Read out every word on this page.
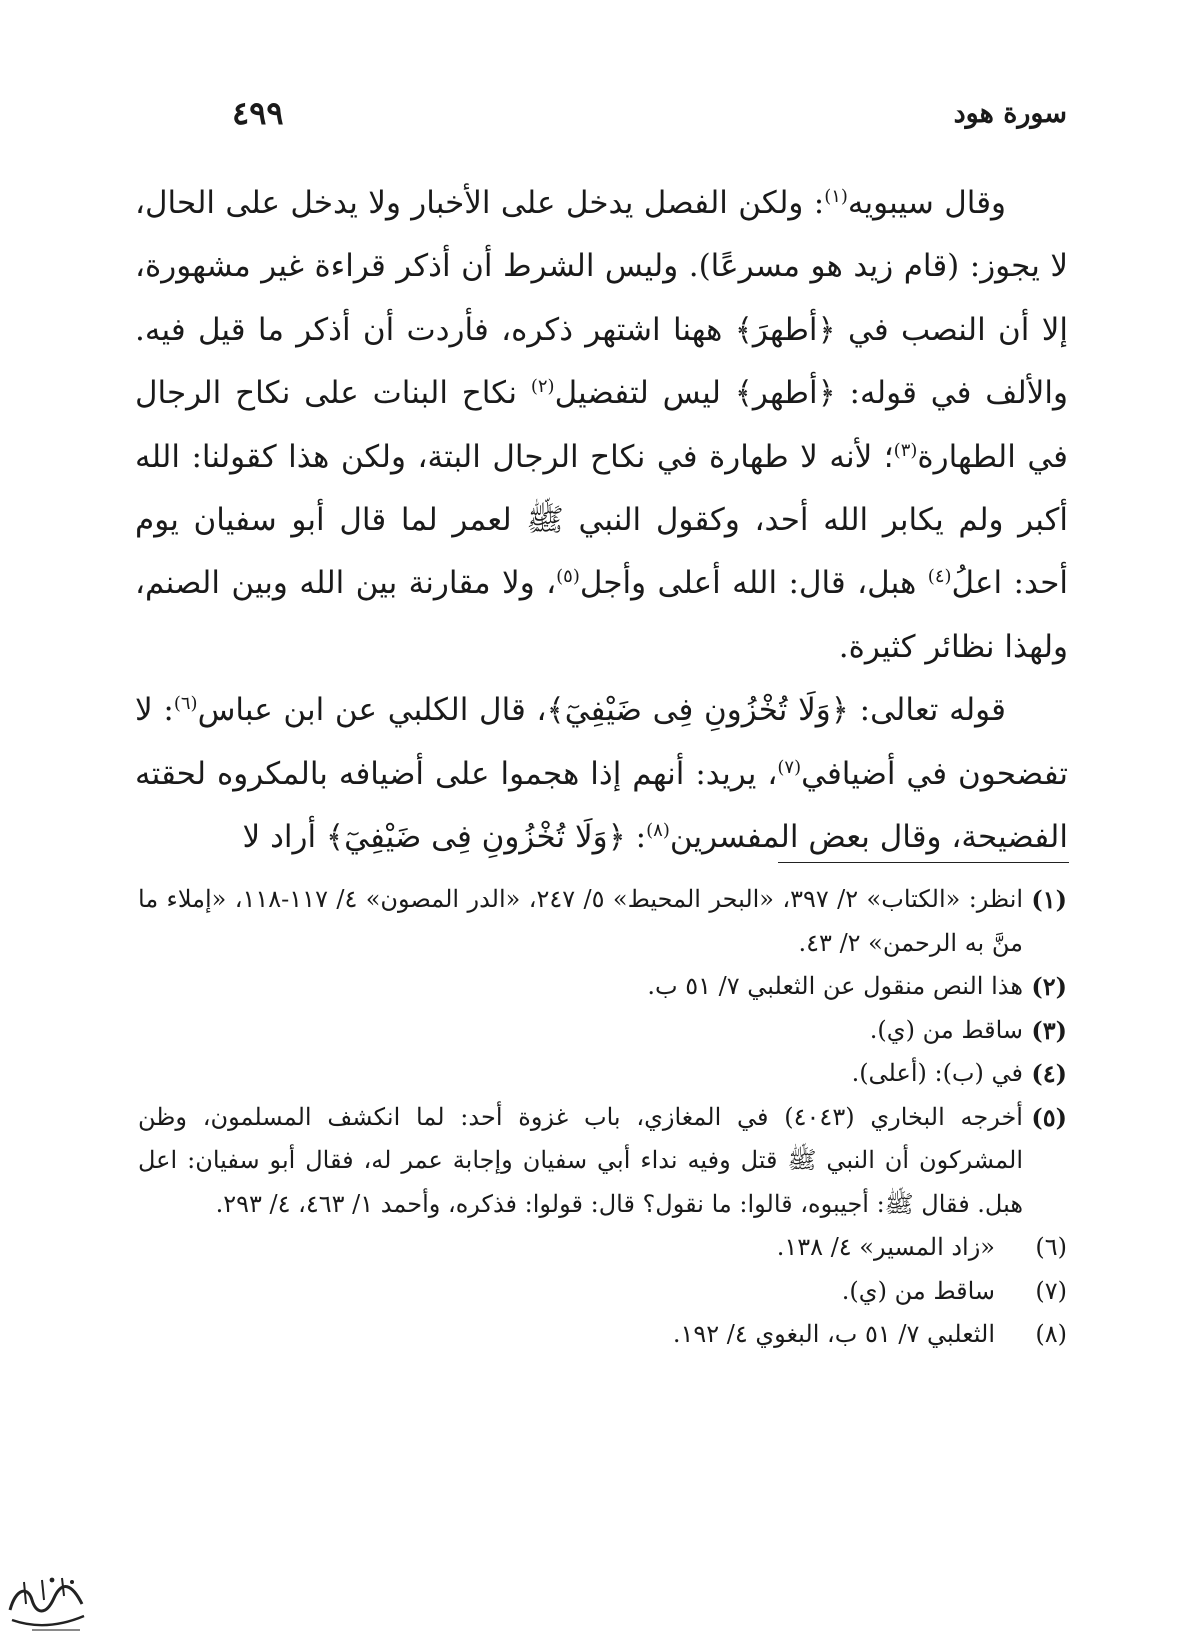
سورة هود
٤٩٩

وقال سيبويه$^{(١)}$: ولكن الفصل يدخل على الأخبار ولا يدخل على الحال، لا يجوز: (قام زيد هو مسرعًا). وليس الشرط أن أذكر قراءة غير مشهورة، إلا أن النصب في ﴿أطهرَ﴾ ههنا اشتهر ذكره، فأردت أن أذكر ما قيل فيه. والألف في قوله: ﴿أطهر﴾ ليس لتفضيل$^{(٢)}$ نكاح البنات على نكاح الرجال في الطهارة$^{(٣)}$؛ لأنه لا طهارة في نكاح الرجال البتة، ولكن هذا كقولنا: الله أكبر ولم يكابر الله أحد، وكقول النبي ﷺ لعمر لما قال أبو سفيان يوم أحد: اعلُ$^{(٤)}$ هبل، قال: الله أعلى وأجل$^{(٥)}$، ولا مقارنة بين الله وبين الصنم، ولهذا نظائر كثيرة.

قوله تعالى: ﴿وَلَا تُخْزُونِ فِى ضَيْفِيٓ﴾، قال الكلبي عن ابن عباس$^{(٦)}$: لا تفضحون في أضيافي$^{(٧)}$، يريد: أنهم إذا هجموا على أضيافه بالمكروه لحقته الفضيحة، وقال بعض المفسرين$^{(٨)}$: ﴿وَلَا تُخْزُونِ فِى ضَيْفِيٓ﴾ أراد لا

(١)
انظر: «الكتاب» ٢/ ٣٩٧، «البحر المحيط» ٥/ ٢٤٧، «الدر المصون» ٤/ ١١٧-١١٨، «إملاء ما منَّ به الرحمن» ٢/ ٤٣.
(٢)
هذا النص منقول عن الثعلبي ٧/ ٥١ ب.
(٣)
ساقط من (ي).
(٤)
في (ب): (أعلى).
(٥)
أخرجه البخاري (٤٠٤٣) في المغازي، باب غزوة أحد: لما انكشف المسلمون، وظن المشركون أن النبي ﷺ قتل وفيه نداء أبي سفيان وإجابة عمر له، فقال أبو سفيان: اعل هبل. فقال ﷺ: أجيبوه، قالوا: ما نقول؟ قال: قولوا: فذكره، وأحمد ١/ ٤٦٣، ٤/ ٢٩٣.
(٦)
«زاد المسير» ٤/ ١٣٨.
(٧)
ساقط من (ي).
(٨)
الثعلبي ٧/ ٥١ ب، البغوي ٤/ ١٩٢.
